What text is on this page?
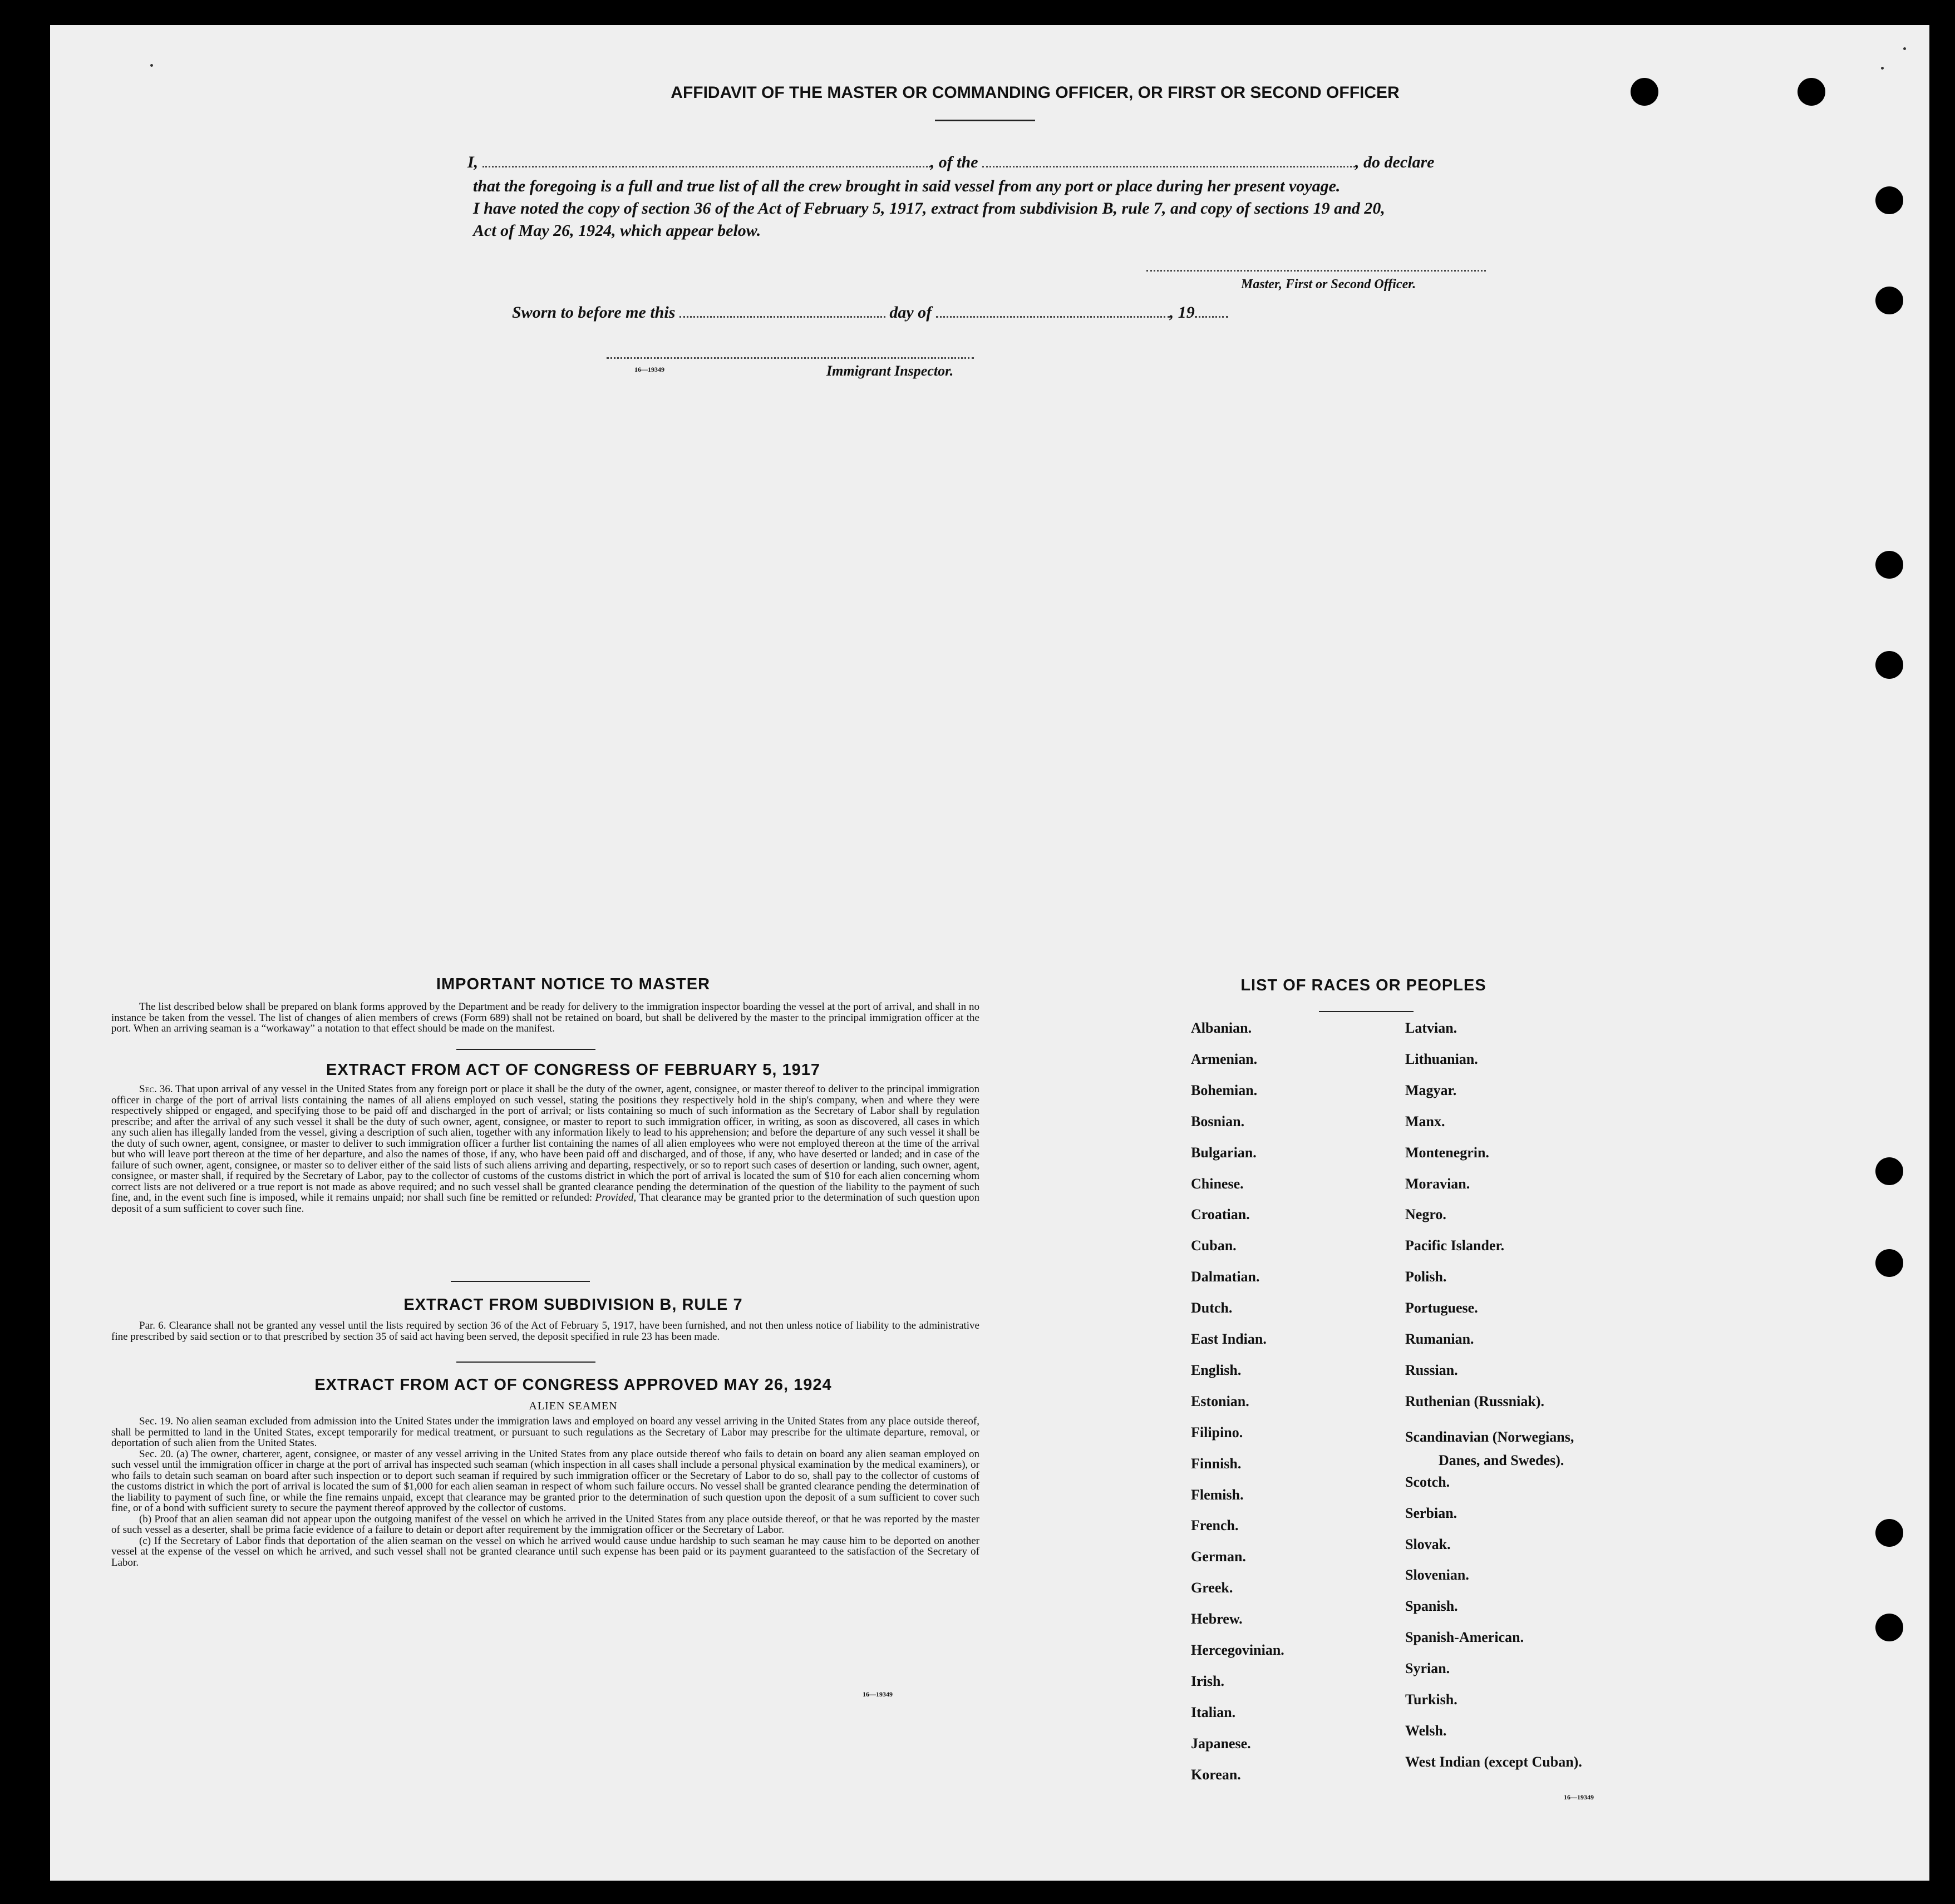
AFFIDAVIT OF THE MASTER OR COMMANDING OFFICER, OR FIRST OR SECOND OFFICER
I,	, of the	, do declare
that the foregoing is a full and true list of all the crew brought in said vessel from any port or place during her present voyage.
I have noted the copy of section 36 of the Act of February 5, 1917, extract from subdivision B, rule 7, and copy of sections 19 and 20,
Act of May 26, 1924, which appear below.
Master, First or Second Officer.
Sworn to before me this	day of	, 19
16—19349	Immigrant Inspector.
IMPORTANT NOTICE TO MASTER
The list described below shall be prepared on blank forms approved by the Department and be ready for delivery to the immigration inspector boarding the vessel at the port of arrival, and shall in no instance be taken from the vessel. The list of changes of alien members of crews (Form 689) shall not be retained on board, but shall be delivered by the master to the principal immigration officer at the port. When an arriving seaman is a “workaway” a notation to that effect should be made on the manifest.
EXTRACT FROM ACT OF CONGRESS OF FEBRUARY 5, 1917
Sec. 36. That upon arrival of any vessel in the United States from any foreign port or place it shall be the duty of the owner, agent, consignee, or master thereof to deliver to the principal immigration officer in charge of the port of arrival lists containing the names of all aliens employed on such vessel, stating the positions they respectively hold in the ship's company, when and where they were respectively shipped or engaged, and specifying those to be paid off and discharged in the port of arrival; or lists containing so much of such information as the Secretary of Labor shall by regulation prescribe; and after the arrival of any such vessel it shall be the duty of such owner, agent, consignee, or master to report to such immigration officer, in writing, as soon as discovered, all cases in which any such alien has illegally landed from the vessel, giving a description of such alien, together with any information likely to lead to his apprehension; and before the departure of any such vessel it shall be the duty of such owner, agent, consignee, or master to deliver to such immigration officer a further list containing the names of all alien employees who were not employed thereon at the time of the arrival but who will leave port thereon at the time of her departure, and also the names of those, if any, who have been paid off and discharged, and of those, if any, who have deserted or landed; and in case of the failure of such owner, agent, consignee, or master so to deliver either of the said lists of such aliens arriving and departing, respectively, or so to report such cases of desertion or landing, such owner, agent, consignee, or master shall, if required by the Secretary of Labor, pay to the collector of customs of the customs district in which the port of arrival is located the sum of $10 for each alien concerning whom correct lists are not delivered or a true report is not made as above required; and no such vessel shall be granted clearance pending the determination of the question of the liability to the payment of such fine, and, in the event such fine is imposed, while it remains unpaid; nor shall such fine be remitted or refunded: Provided, That clearance may be granted prior to the determination of such question upon deposit of a sum sufficient to cover such fine.
EXTRACT FROM SUBDIVISION B, RULE 7
Par. 6. Clearance shall not be granted any vessel until the lists required by section 36 of the Act of February 5, 1917, have been furnished, and not then unless notice of liability to the administrative fine prescribed by said section or to that prescribed by section 35 of said act having been served, the deposit specified in rule 23 has been made.
EXTRACT FROM ACT OF CONGRESS APPROVED MAY 26, 1924
ALIEN SEAMEN
Sec. 19. No alien seaman excluded from admission into the United States under the immigration laws and employed on board any vessel arriving in the United States from any place outside thereof, shall be permitted to land in the United States, except temporarily for medical treatment, or pursuant to such regulations as the Secretary of Labor may prescribe for the ultimate departure, removal, or deportation of such alien from the United States.
Sec. 20. (a) The owner, charterer, agent, consignee, or master of any vessel arriving in the United States from any place outside thereof who fails to detain on board any alien seaman employed on such vessel until the immigration officer in charge at the port of arrival has inspected such seaman (which inspection in all cases shall include a personal physical examination by the medical examiners), or who fails to detain such seaman on board after such inspection or to deport such seaman if required by such immigration officer or the Secretary of Labor to do so, shall pay to the collector of customs of the customs district in which the port of arrival is located the sum of $1,000 for each alien seaman in respect of whom such failure occurs. No vessel shall be granted clearance pending the determination of the liability to payment of such fine, or while the fine remains unpaid, except that clearance may be granted prior to the determination of such question upon the deposit of a sum sufficient to cover such fine, or of a bond with sufficient surety to secure the payment thereof approved by the collector of customs.
(b) Proof that an alien seaman did not appear upon the outgoing manifest of the vessel on which he arrived in the United States from any place outside thereof, or that he was reported by the master of such vessel as a deserter, shall be prima facie evidence of a failure to detain or deport after requirement by the immigration officer or the Secretary of Labor.
(c) If the Secretary of Labor finds that deportation of the alien seaman on the vessel on which he arrived would cause undue hardship to such seaman he may cause him to be deported on another vessel at the expense of the vessel on which he arrived, and such vessel shall not be granted clearance until such expense has been paid or its payment guaranteed to the satisfaction of the Secretary of Labor.
16—19349
LIST OF RACES OR PEOPLES
Danes, and Swedes).
16—19349
Albanian.
Armenian.
Bohemian.
Bosnian.
Bulgarian.
Chinese.
Croatian.
Cuban.
Dalmatian.
Dutch.
East Indian.
English.
Estonian.
Filipino.
Finnish.
Flemish.
French.
German.
Greek.
Hebrew.
Hercegovinian.
Irish.
Italian.
Japanese.
Korean.
Latvian.
Lithuanian.
Magyar.
Manx.
Montenegrin.
Moravian.
Negro.
Pacific Islander.
Polish.
Portuguese.
Rumanian.
Russian.
Ruthenian (Russniak).
Scandinavian (Norwegians,
Scotch.
Serbian.
Slovak.
Slovenian.
Spanish.
Spanish-American.
Syrian.
Turkish.
Welsh.
West Indian (except Cuban).
